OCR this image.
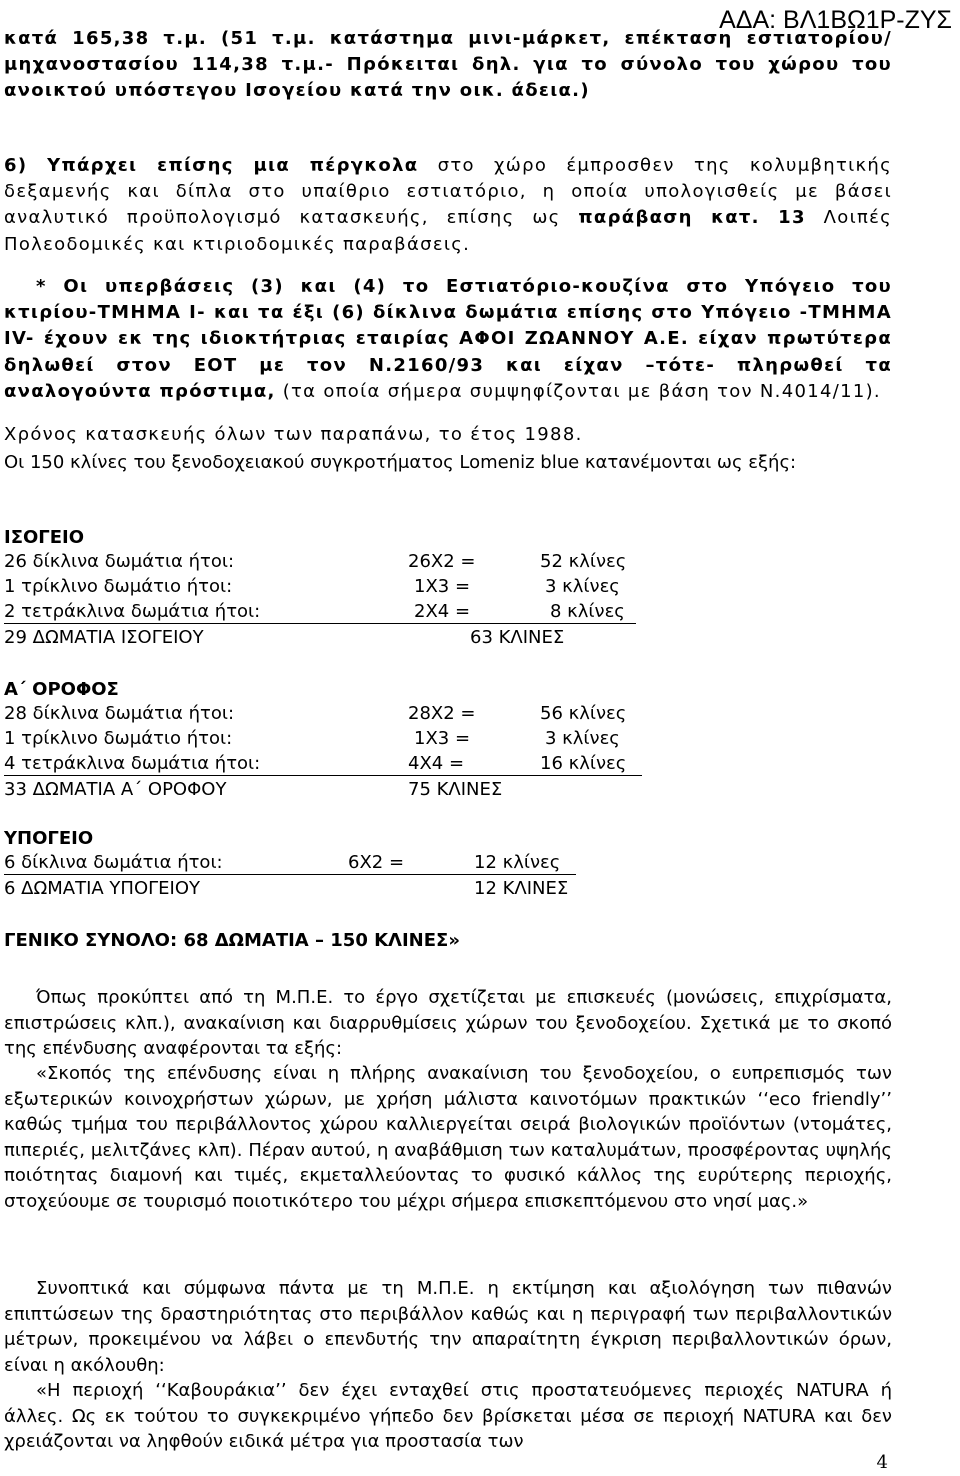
ΑΔΑ: ΒΛ1ΒΩ1Ρ-ΖΥΣ

κατά 165,38 τ.μ. (51 τ.μ. κατάστημα μινι-μάρκετ, επέκταση εστιατορίου/μηχανοστασίου 114,38 τ.μ.- Πρόκειται δηλ. για το σύνολο του χώρου του ανοικτού υπόστεγου Ισογείου κατά την οικ. άδεια.)

6) Υπάρχει επίσης μια πέργκολα στο χώρο έμπροσθεν της κολυμβητικής δεξαμενής και δίπλα στο υπαίθριο εστιατόριο, η οποία υπολογισθείς με βάσει αναλυτικό προϋπολογισμό κατασκευής, επίσης ως παράβαση κατ. 13 Λοιπές Πολεοδομικές και κτιριοδομικές παραβάσεις.

* Οι υπερβάσεις (3) και (4) το Εστιατόριο-κουζίνα στο Υπόγειο του κτιρίου-ΤΜΗΜΑ Ι- και τα έξι (6) δίκλινα δωμάτια επίσης στο Υπόγειο -ΤΜΗΜΑ ΙV- έχουν εκ της ιδιοκτήτριας εταιρίας ΑΦΟΙ ΖΩΑΝΝΟΥ Α.Ε. είχαν πρωτύτερα δηλωθεί στον ΕΟΤ με τον Ν.2160/93 και είχαν –τότε- πληρωθεί τα αναλογούντα πρόστιμα, (τα οποία σήμερα συμψηφίζονται με βάση τον Ν.4014/11).

Χρόνος κατασκευής όλων των παραπάνω, το έτος 1988.

Οι 150 κλίνες του ξενοδοχειακού συγκροτήματος Lomeniz blue κατανέμονται ως εξής:

ΙΣΟΓΕΙΟ
26 δίκλινα δωμάτια ήτοι:	26Χ2 =	52 κλίνες
1 τρίκλινο δωμάτιο ήτοι:	1Χ3 =	3 κλίνες
2 τετράκλινα δωμάτια ήτοι:	2Χ4 =	8 κλίνες
29 ΔΩΜΑΤΙΑ ΙΣΟΓΕΙΟΥ	63 ΚΛΙΝΕΣ
Α΄ ΟΡΟΦΟΣ
28 δίκλινα δωμάτια ήτοι:	28Χ2 =	56 κλίνες
1 τρίκλινο δωμάτιο ήτοι:	1Χ3 =	3 κλίνες
4 τετράκλινα δωμάτια ήτοι:	4Χ4 =	16 κλίνες
33 ΔΩΜΑΤΙΑ Α΄ ΟΡΟΦΟΥ	75 ΚΛΙΝΕΣ
ΥΠΟΓΕΙΟ
6 δίκλινα δωμάτια ήτοι:	6Χ2 =	12 κλίνες
6 ΔΩΜΑΤΙΑ ΥΠΟΓΕΙΟΥ	12 ΚΛΙΝΕΣ
ΓΕΝΙΚΟ ΣΥΝΟΛΟ: 68 ΔΩΜΑΤΙΑ – 150 ΚΛΙΝΕΣ»

Όπως προκύπτει από τη Μ.Π.Ε. το έργο σχετίζεται με επισκευές (μονώσεις, επιχρίσματα, επιστρώσεις κλπ.), ανακαίνιση και διαρρυθμίσεις χώρων του ξενοδοχείου. Σχετικά με το σκοπό της επένδυσης αναφέρονται τα εξής:

«Σκοπός της επένδυσης είναι η πλήρης ανακαίνιση του ξενοδοχείου, ο ευπρεπισμός των εξωτερικών κοινοχρήστων χώρων, με χρήση μάλιστα καινοτόμων πρακτικών ‘‘eco friendly’’ καθώς τμήμα του περιβάλλοντος χώρου καλλιεργείται σειρά βιολογικών προϊόντων (ντομάτες, πιπεριές, μελιτζάνες κλπ). Πέραν αυτού, η αναβάθμιση των καταλυμάτων, προσφέροντας υψηλής ποιότητας διαμονή και τιμές, εκμεταλλεύοντας το φυσικό κάλλος της ευρύτερης περιοχής, στοχεύουμε σε τουρισμό ποιοτικότερο του μέχρι σήμερα επισκεπτόμενου στο νησί μας.»

Συνοπτικά και σύμφωνα πάντα με τη Μ.Π.Ε. η εκτίμηση και αξιολόγηση των πιθανών επιπτώσεων της δραστηριότητας στο περιβάλλον καθώς και η περιγραφή των περιβαλλοντικών μέτρων, προκειμένου να λάβει ο επενδυτής την απαραίτητη έγκριση περιβαλλοντικών όρων, είναι η ακόλουθη:

«Η περιοχή ‘‘Καβουράκια’’ δεν έχει ενταχθεί στις προστατευόμενες περιοχές NATURA ή άλλες. Ως εκ τούτου το συγκεκριμένο γήπεδο δεν βρίσκεται μέσα σε περιοχή NATURA και δεν χρειάζονται να ληφθούν ειδικά μέτρα για προστασία των

4
